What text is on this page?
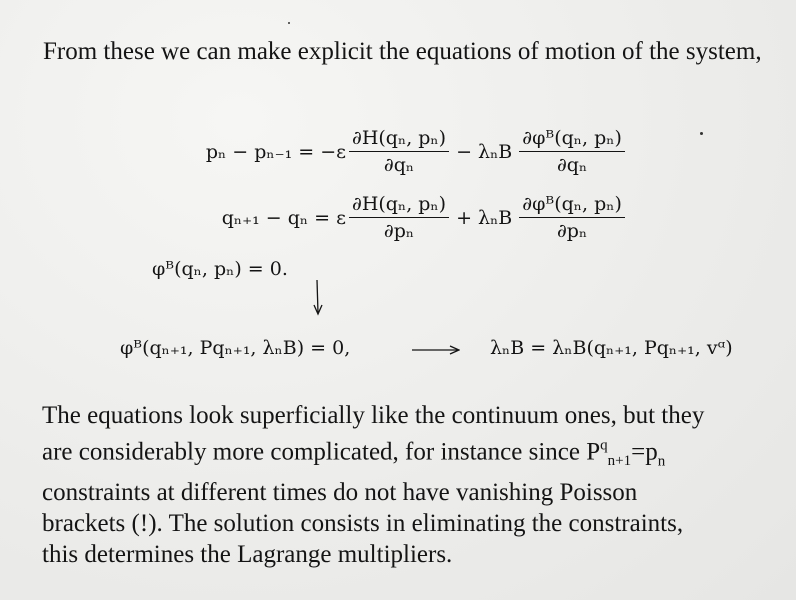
From these we can make explicit the equations of motion of the system,
$p_n - p_{n-1} = -\varepsilon \frac{\text{∂H(qₙ, pₙ)}}{\text{∂qₙ}} - \lambda_nB \frac{\text{∂φᴮ(qₙ, pₙ)}}{\text{∂qₙ}}$
qₙ₊₁ − qₙ = ε $\frac{\text{∂H(qₙ, pₙ)}}{\text{∂pₙ}} + \lambda_nB \frac{\text{∂φᴮ(qₙ, pₙ)}}{\text{∂pₙ}}$
φᴮ(qₙ, pₙ) = 0.
φᴮ(qₙ₊₁, Pqₙ₊₁, λₙB) = 0,	λₙB = λₙB(qₙ₊₁, Pqₙ₊₁, vᵅ)
The equations look superficially like the continuum ones, but they
are considerably more complicated, for instance since $P^q_{n+1}=p_n$
constraints at different times do not have vanishing Poisson
brackets (!). The solution consists in eliminating the constraints,
this determines the Lagrange multipliers.
